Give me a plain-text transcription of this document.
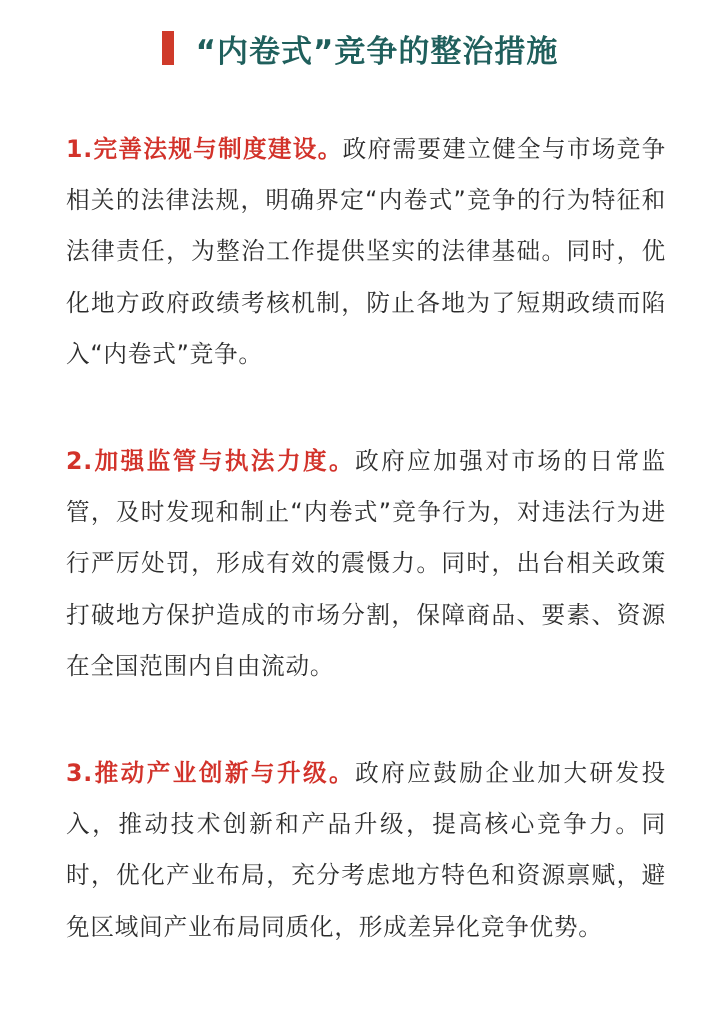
“内卷式”竞争的整治措施

1.完善法规与制度建设。政府需要建立健全与市场竞争相关的法律法规，明确界定“内卷式”竞争的行为特征和法律责任，为整治工作提供坚实的法律基础。同时，优化地方政府政绩考核机制，防止各地为了短期政绩而陷入“内卷式”竞争。

2.加强监管与执法力度。政府应加强对市场的日常监管，及时发现和制止“内卷式”竞争行为，对违法行为进行严厉处罚，形成有效的震慑力。同时，出台相关政策打破地方保护造成的市场分割，保障商品、要素、资源在全国范围内自由流动。

3.推动产业创新与升级。政府应鼓励企业加大研发投入，推动技术创新和产品升级，提高核心竞争力。同时，优化产业布局，充分考虑地方特色和资源禀赋，避免区域间产业布局同质化，形成差异化竞争优势。
